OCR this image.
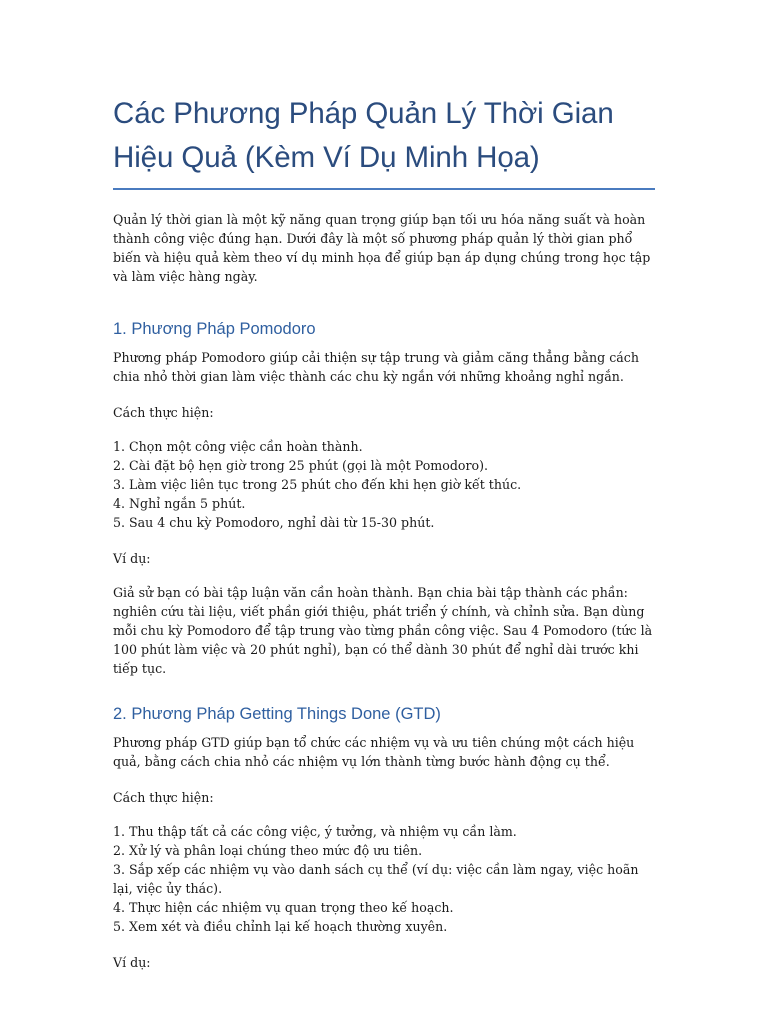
Các Phương Pháp Quản Lý Thời Gian
Hiệu Quả (Kèm Ví Dụ Minh Họa)

Quản lý thời gian là một kỹ năng quan trọng giúp bạn tối ưu hóa năng suất và hoàn thành công việc đúng hạn. Dưới đây là một số phương pháp quản lý thời gian phổ biến và hiệu quả kèm theo ví dụ minh họa để giúp bạn áp dụng chúng trong học tập và làm việc hàng ngày.

1. Phương Pháp Pomodoro

Phương pháp Pomodoro giúp cải thiện sự tập trung và giảm căng thẳng bằng cách chia nhỏ thời gian làm việc thành các chu kỳ ngắn với những khoảng nghỉ ngắn.

Cách thực hiện:

1. Chọn một công việc cần hoàn thành.

2. Cài đặt bộ hẹn giờ trong 25 phút (gọi là một Pomodoro).

3. Làm việc liên tục trong 25 phút cho đến khi hẹn giờ kết thúc.

4. Nghỉ ngắn 5 phút.

5. Sau 4 chu kỳ Pomodoro, nghỉ dài từ 15-30 phút.

Ví dụ:

Giả sử bạn có bài tập luận văn cần hoàn thành. Bạn chia bài tập thành các phần: nghiên cứu tài liệu, viết phần giới thiệu, phát triển ý chính, và chỉnh sửa. Bạn dùng mỗi chu kỳ Pomodoro để tập trung vào từng phần công việc. Sau 4 Pomodoro (tức là 100 phút làm việc và 20 phút nghỉ), bạn có thể dành 30 phút để nghỉ dài trước khi tiếp tục.

2. Phương Pháp Getting Things Done (GTD)

Phương pháp GTD giúp bạn tổ chức các nhiệm vụ và ưu tiên chúng một cách hiệu quả, bằng cách chia nhỏ các nhiệm vụ lớn thành từng bước hành động cụ thể.

Cách thực hiện:

1. Thu thập tất cả các công việc, ý tưởng, và nhiệm vụ cần làm.

2. Xử lý và phân loại chúng theo mức độ ưu tiên.

3. Sắp xếp các nhiệm vụ vào danh sách cụ thể (ví dụ: việc cần làm ngay, việc hoãn lại, việc ủy thác).

4. Thực hiện các nhiệm vụ quan trọng theo kế hoạch.

5. Xem xét và điều chỉnh lại kế hoạch thường xuyên.

Ví dụ:
